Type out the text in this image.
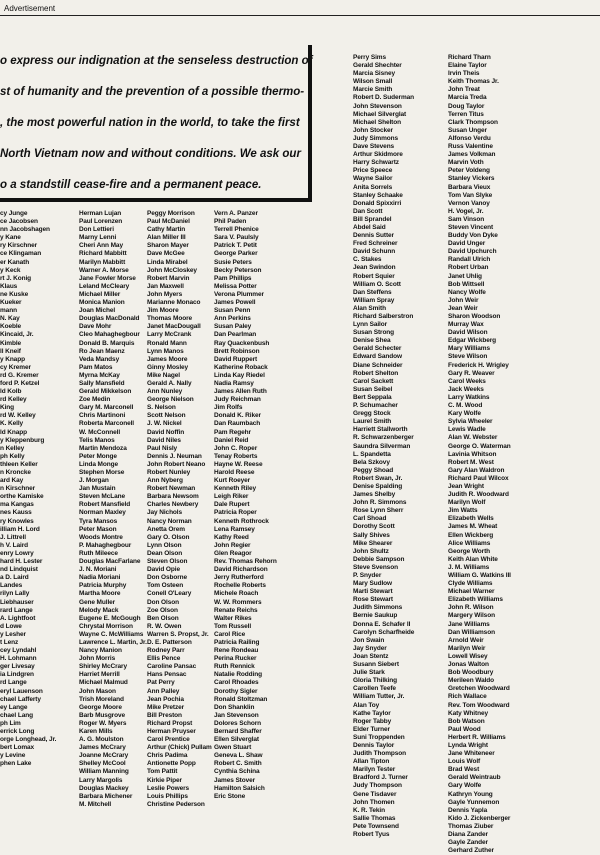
Advertisement
o express our indignation at the senseless destruction of
st of humanity and the prevention of a possible thermo-
, the most powerful nation in the world, to take the first
North Vietnam now and without conditions. We ask our
o a standstill cease-fire and a permanent peace.
cy Junge
ce Jacobsen
nn Jacobshagen
y Kane
ry Kirschner
ce Klingaman
er Kanath
y Keck
rt J. Konig
Klaus
ne Kuske
Kueker
mann
N. Kay
Koeble
Kincaid, Jr.
Kimble
ll Kneif
y Knapp
cy Kremer
rd G. Kremer
ford P. Ketzel
ld Kolb
rd Kelley
King
rd W. Kelley
K. Kelly
ld Knapp
y Kleppenburg
n Kelley
ph Kelly
thleen Keller
n Kroncke
ard Kay
n Kirschner
orthe Kamiske
ma Kangas
nes Kauss
ry Knowles
illiam H. Lord
J. Littrell
h V. Laird
enry Lowry
hard H. Lester
nd Lindquist
a D. Laird
Landes
rilyn Lally
Liebhauser
rard Lange
A. Lightfoot
d Lowe
y Lesher
t Lenz
cey Lyndahl
H. Lohmann
ger Livesay
ia Lindgren
rd Lange
eryl Lauenson
chael Lafferty
ey Lange
chael Lang
ph Lim
errick Long
orge Longhead, Jr.
bert Lomax
y Levine
phen Lake
Herman Lujan
Paul Lorenzen
Don Lettieri
Marny Lenni
Cheri Ann May
Richard Mabbitt
Marilyn Mabbitt
Warner A. Morse
Jane Fowler Morse
Leland McCleary
Michael Miller
Monica Manion
Joan Michel
Douglas MacDonald
Dave Mohr
Cleo Mahaghegbour
Donald B. Marquis
Ro Jean Maenz
Veda Mandsy
Pam Matos
Myrna McKay
Sally Mansfield
Gerald Mikkelson
Zoe Medin
Gary M. Marconell
Chris Martinoni
Roberta Marconell
W. McConnell
Telis Manos
Martin Mendoza
Peter Monge
Linda Monge
Stephen Morse
J. Morgan
Jan Mustain
Steven McLane
Robert Mansfield
Norman Maxley
Tyra Mansos
Peter Mason
Woods Montre
P. Mahaghegbour
Ruth Mileece
Douglas MacFarlane
J. N. Moriani
Nadia Moriani
Patricia Murphy
Martha Moore
Gene Muller
Melody Mack
Eugene E. McGough
Chrystal Morrison
Wayne C. McWilliams
Lawrence L. Martin, Jr.
Nancy Manion
John Morris
Shirley McCrary
Harriet Merrill
Michael Malmud
John Mason
Trish Moreland
George Moore
Barb Musgrove
Roger W. Myers
Karen Mills
A. G. Moulston
James McCrary
Joanne McCrary
Shelley McCool
William Manning
Larry Margolis
Douglas Mackey
Barbara Michener
M. Mitchell
Peggy Morrison
Paul McDaniel
Cathy Martin
Alan Miller III
Sharon Mayer
Dave McGee
Linda Mirabel
John McCloskey
Robert Marvin
Jan Maxwell
John Myers
Marianne Monaco
Jim Moore
Thomas Moore
Janet MacDougall
Larry McCrank
Ronald Mann
Lynn Manos
James Moore
Ginny Mosley
Mike Nagel
Gerald A. Nally
Ann Nunley
George Nielson
S. Nelson
Scott Nelson
J. W. Nickel
David Noffin
David Niles
Paul Nisly
Dennis J. Neuman
John Robert Neano
Robert Nunley
Ann Nyberg
Robert Newman
Barbara Newsom
Charles Newbery
Jay Nichols
Nancy Norman
Anetta Orem
Gary O. Olson
Lynn Olson
Dean Olson
Steven Olson
David Opie
Don Osborne
Tom Osteen
Conell O'Leary
Don Olson
Zoe Olson
Ben Olson
R. W. Owen
Warren S. Propst, Jr.
D. E. Patterson
Rodney Parr
Ellis Pence
Caroline Pansac
Hans Pensac
Pat Perry
Ann Palley
Jean Pochia
Mike Pretzer
Bill Preston
Richard Propst
Herman Pruyser
Carol Prentice
Arthur (Chick) Pullam
Chris Padima
Antionette Popp
Tom Pattit
Kirkie Piper
Leslie Powers
Louis Phillips
Christine Pederson
Vern A. Panzer
Phil Paden
Terrell Phenice
Sara V. Paulsly
Patrick T. Petit
George Parker
Susie Peters
Becky Peterson
Pam Phillips
Melissa Potter
Verona Plummer
James Powell
Susan Penn
Ann Perkins
Susan Paley
Dan Pearlman
Ray Quackenbush
Brett Robinson
David Ruppert
Katherine Roback
Linda Kay Riedel
Nadia Ramsy
James Allen Ruth
Judy Reichman
Jim Rolfs
Donald K. Riker
Dan Raumbach
Pam Regehr
Daniel Reid
John C. Roper
Tenay Roberts
Hayne W. Reese
Harold Reese
Kurt Roeyer
Kenneth Riley
Leigh Riker
Dale Rupert
Patricia Roper
Kenneth Rothrock
Lena Ramsey
Kathy Reed
John Regier
Glen Reagor
Rev. Thomas Rehorn
David Richardson
Jerry Rutherford
Rochelle Roberts
Michele Roach
W. W. Rommers
Renate Reichs
Walter Rikes
Tom Russell
Carol Rice
Patricia Railing
Rene Rondeau
Perina Rucker
Ruth Rennick
Natalie Rodding
Carol Rhoades
Dorothy Sigler
Ronald Stoltzman
Don Shanklin
Jan Stevenson
Dolores Schorn
Bernard Shaffer
Ellen Silverglat
Gwen Stuart
Geneva L. Shaw
Robert C. Smith
Cynthia Schina
James Stover
Hamilton Salsich
Eric Stone
Perry Sims
Gerald Shechter
Marcia Sisney
Wilson Small
Marcie Smith
Robert D. Suderman
John Stevenson
Michael Silverglat
Michael Shelton
John Stocker
Judy Simmons
Dave Stevens
Arthur Skidmore
Harry Schwartz
Price Speece
Wayne Sailor
Anita Sorrels
Stanley Schaake
Donald Spixxirri
Dan Scott
Bill Sprandel
Abdel Said
Dennis Sutter
Fred Schreiner
David Schunn
C. Stakes
Jean Swindon
Robert Squier
William O. Scott
Dan Steffens
William Spray
Alan Smith
Richard Salberstron
Lynn Sailor
Susan Strong
Denise Shea
Gerald Schecter
Edward Sandow
Diane Schneider
Robert Shelton
Carol Sackett
Susan Seibel
Bert Seppala
P. Schumacher
Gregg Stock
Laurel Smith
Harriett Stallworth
R. Schwarzenberger
Saundra Silverman
L. Spandetta
Bela Szkovy
Peggy Shoad
Robert Swan, Jr.
Denise Spalding
James Shelby
John R. Simmons
Rose Lynn Sherr
Carl Shoad
Dorothy Scott
Sally Shives
Mike Shearer
John Shultz
Debbie Sampson
Steve Svenson
P. Snyder
Mary Sudlow
Marti Stewart
Rose Stewart
Judith Simmons
Bernie Saukup
Donna E. Schafer II
Carolyn Scharfheide
Jon Swain
Jay Snyder
Joan Stentz
Susann Siebert
Julie Stark
Gloria Thilking
Carollen Teefe
William Tutter, Jr.
Alan Toy
Kathe Taylor
Roger Tabby
Elder Turner
Suni Troppenden
Dennis Taylor
Judith Thompson
Allan Tipton
Marilyn Tester
Bradford J. Turner
Judy Thompson
Gene Tisdaver
John Thomen
K. R. Tekin
Sallie Thomas
Pete Townsend
Robert Tyus
Richard Tharn
Elaine Taylor
Irvin Theis
Keith Thomas Jr.
John Treat
Marcia Treda
Doug Taylor
Terren Titus
Clark Thompson
Susan Unger
Alfonso Verdu
Russ Valentine
James Volkman
Marvin Voth
Peter Voldeng
Stanley Vickers
Barbara Vieux
Tom Van Slyke
Vernon Vanoy
H. Vogel, Jr.
Sam Vinson
Steven Vincent
Buddy Von Dyke
David Unger
David Upchurch
Randall Ulrich
Robert Urban
Janet Uhlig
Bob Wittsell
Nancy Wolfe
John Weir
Jean Weir
Sharon Woodson
Murray Wax
David Wilson
Edgar Wickberg
Mary Williams
Steve Wilson
Frederick H. Wrigley
Gary R. Weaver
Carol Weeks
Jack Weeks
Larry Watkins
C. M. Wood
Kary Wolfe
Sylvia Wheeler
Lewis Wadle
Alan W. Webster
George O. Waterman
Lavinia Whitson
Robert M. West
Gary Alan Waldron
Richard Paul Wilcox
Jean Wright
Judith R. Woodward
Marilyn Wolf
Jim Watts
Elizabeth Wells
James M. Wheat
Ellen Wickberg
Alice Williams
George Worth
Keith Alan White
J. M. Williams
William G. Watkins III
Clyde Williams
Michael Warner
Elizabeth Williams
John R. Wilson
Margery Wilson
Jane Williams
Dan Williamson
Arnold Weir
Marilyn Weir
Lowell Wisey
Jonas Walton
Bob Woodbury
Merileen Waldo
Gretchen Woodward
Rich Wallace
Rev. Tom Woodward
Katy Whitney
Bob Watson
Paul Wood
Herbert R. Williams
Lynda Wright
Jane Whiteneer
Louis Wolf
Brad West
Gerald Weintraub
Gary Wolfe
Kathryn Young
Gayle Yunnemon
Dennis Yapla
Kido J. Zickenberger
Thomas Ziuber
Diana Zander
Gayle Zander
Gerhard Zuther
